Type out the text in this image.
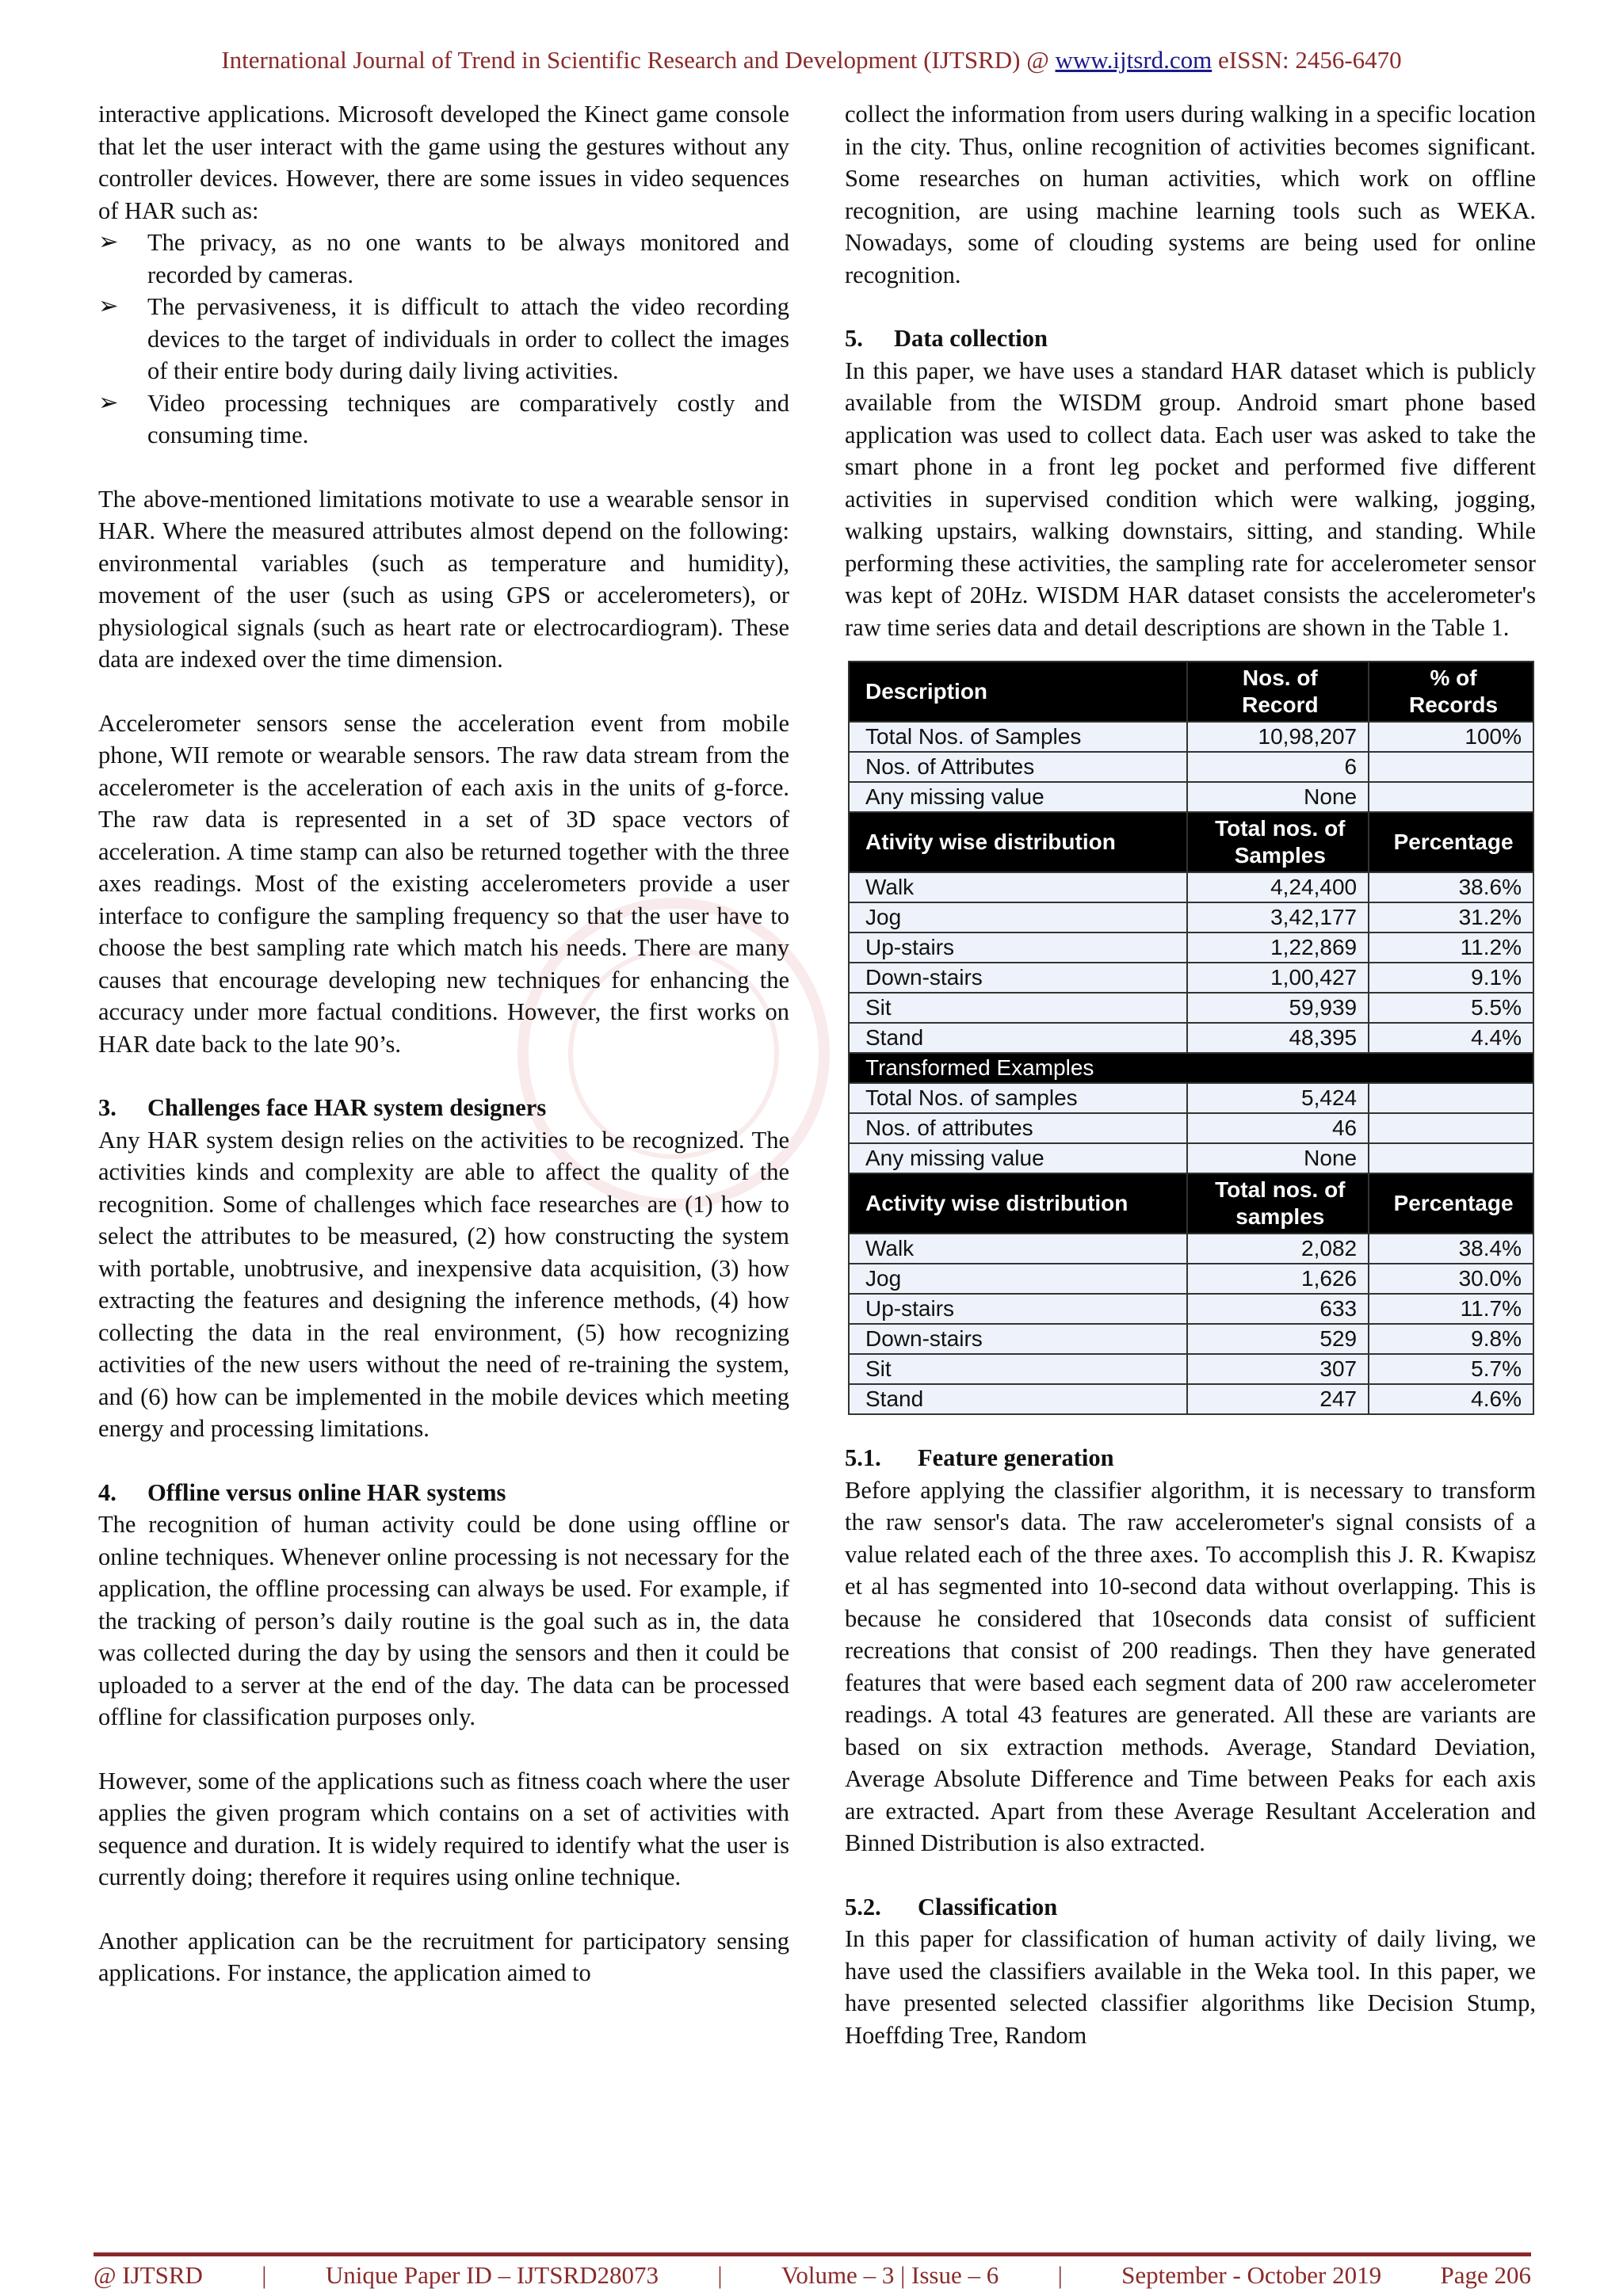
International Journal of Trend in Scientific Research and Development (IJTSRD) @ www.ijtsrd.com eISSN: 2456-6470

interactive applications. Microsoft developed the Kinect game console that let the user interact with the game using the gestures without any controller devices. However, there are some issues in video sequences of HAR such as:

➢	The privacy, as no one wants to be always monitored and recorded by cameras.
➢	The pervasiveness, it is difficult to attach the video recording devices to the target of individuals in order to collect the images of their entire body during daily living activities.
➢	Video processing techniques are comparatively costly and consuming time.

The above-mentioned limitations motivate to use a wearable sensor in HAR. Where the measured attributes almost depend on the following: environmental variables (such as temperature and humidity), movement of the user (such as using GPS or accelerometers), or physiological signals (such as heart rate or electrocardiogram). These data are indexed over the time dimension.

Accelerometer sensors sense the acceleration event from mobile phone, WII remote or wearable sensors. The raw data stream from the accelerometer is the acceleration of each axis in the units of g-force. The raw data is represented in a set of 3D space vectors of acceleration. A time stamp can also be returned together with the three axes readings. Most of the existing accelerometers provide a user interface to configure the sampling frequency so that the user have to choose the best sampling rate which match his needs. There are many causes that encourage developing new techniques for enhancing the accuracy under more factual conditions. However, the first works on HAR date back to the late 90’s.

3. Challenges face HAR system designers

Any HAR system design relies on the activities to be recognized. The activities kinds and complexity are able to affect the quality of the recognition. Some of challenges which face researches are (1) how to select the attributes to be measured, (2) how constructing the system with portable, unobtrusive, and inexpensive data acquisition, (3) how extracting the features and designing the inference methods, (4) how collecting the data in the real environment, (5) how recognizing activities of the new users without the need of re-training the system, and (6) how can be implemented in the mobile devices which meeting energy and processing limitations.

4. Offline versus online HAR systems

The recognition of human activity could be done using offline or online techniques. Whenever online processing is not necessary for the application, the offline processing can always be used. For example, if the tracking of person’s daily routine is the goal such as in, the data was collected during the day by using the sensors and then it could be uploaded to a server at the end of the day. The data can be processed offline for classification purposes only.

However, some of the applications such as fitness coach where the user applies the given program which contains on a set of activities with sequence and duration. It is widely required to identify what the user is currently doing; therefore it requires using online technique.

Another application can be the recruitment for participatory sensing applications. For instance, the application aimed to

collect the information from users during walking in a specific location in the city. Thus, online recognition of activities becomes significant. Some researches on human activities, which work on offline recognition, are using machine learning tools such as WEKA. Nowadays, some of clouding systems are being used for online recognition.

5. Data collection

In this paper, we have uses a standard HAR dataset which is publicly available from the WISDM group. Android smart phone based application was used to collect data. Each user was asked to take the smart phone in a front leg pocket and performed five different activities in supervised condition which were walking, jogging, walking upstairs, walking downstairs, sitting, and standing. While performing these activities, the sampling rate for accelerometer sensor was kept of 20Hz. WISDM HAR dataset consists the accelerometer's raw time series data and detail descriptions are shown in the Table 1.

Description	Nos. of Record	% of Records
Total Nos. of Samples	10,98,207	100%
Nos. of Attributes	6	
Any missing value	None	
Ativity wise distribution	Total nos. of Samples	Percentage
Walk	4,24,400	38.6%
Jog	3,42,177	31.2%
Up-stairs	1,22,869	11.2%
Down-stairs	1,00,427	9.1%
Sit	59,939	5.5%
Stand	48,395	4.4%
Transformed Examples		
Total Nos. of samples	5,424	
Nos. of attributes	46	
Any missing value	None	
Activity wise distribution	Total nos. of samples	Percentage
Walk	2,082	38.4%
Jog	1,626	30.0%
Up-stairs	633	11.7%
Down-stairs	529	9.8%
Sit	307	5.7%
Stand	247	4.6%
5.1. Feature generation

Before applying the classifier algorithm, it is necessary to transform the raw sensor's data. The raw accelerometer's signal consists of a value related each of the three axes. To accomplish this J. R. Kwapisz et al has segmented into 10-second data without overlapping. This is because he considered that 10seconds data consist of sufficient recreations that consist of 200 readings. Then they have generated features that were based each segment data of 200 raw accelerometer readings. A total 43 features are generated. All these are variants are based on six extraction methods. Average, Standard Deviation, Average Absolute Difference and Time between Peaks for each axis are extracted. Apart from these Average Resultant Acceleration and Binned Distribution is also extracted.

5.2. Classification

In this paper for classification of human activity of daily living, we have used the classifiers available in the Weka tool. In this paper, we have presented selected classifier algorithms like Decision Stump, Hoeffding Tree, Random

@ IJTSRD | Unique Paper ID – IJTSRD28073 | Volume – 3 | Issue – 6 | September - October 2019 Page 206
